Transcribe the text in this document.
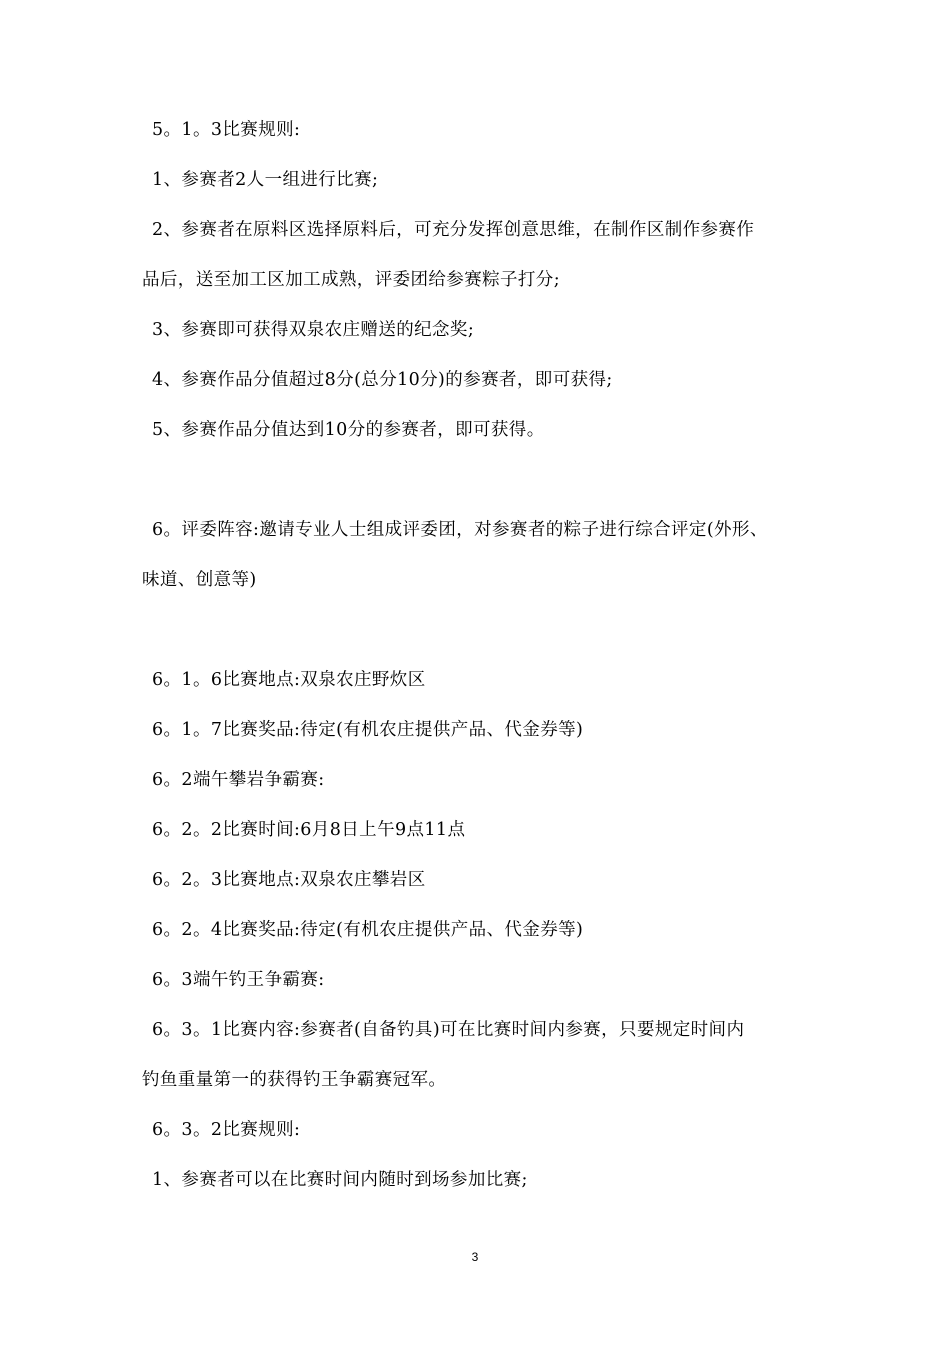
5。1。3比赛规则:
1、参赛者2人一组进行比赛;
2、参赛者在原料区选择原料后，可充分发挥创意思维，在制作区制作参赛作
品后，送至加工区加工成熟，评委团给参赛粽子打分;
3、参赛即可获得双泉农庄赠送的纪念奖;
4、参赛作品分值超过8分(总分10分)的参赛者，即可获得;
5、参赛作品分值达到10分的参赛者，即可获得。
6。评委阵容:邀请专业人士组成评委团，对参赛者的粽子进行综合评定(外形、
味道、创意等)
6。1。6比赛地点:双泉农庄野炊区
6。1。7比赛奖品:待定(有机农庄提供产品、代金券等)
6。2端午攀岩争霸赛:
6。2。2比赛时间:6月8日上午9点11点
6。2。3比赛地点:双泉农庄攀岩区
6。2。4比赛奖品:待定(有机农庄提供产品、代金券等)
6。3端午钓王争霸赛:
6。3。1比赛内容:参赛者(自备钓具)可在比赛时间内参赛，只要规定时间内
钓鱼重量第一的获得钓王争霸赛冠军。
6。3。2比赛规则:
1、参赛者可以在比赛时间内随时到场参加比赛;
3
